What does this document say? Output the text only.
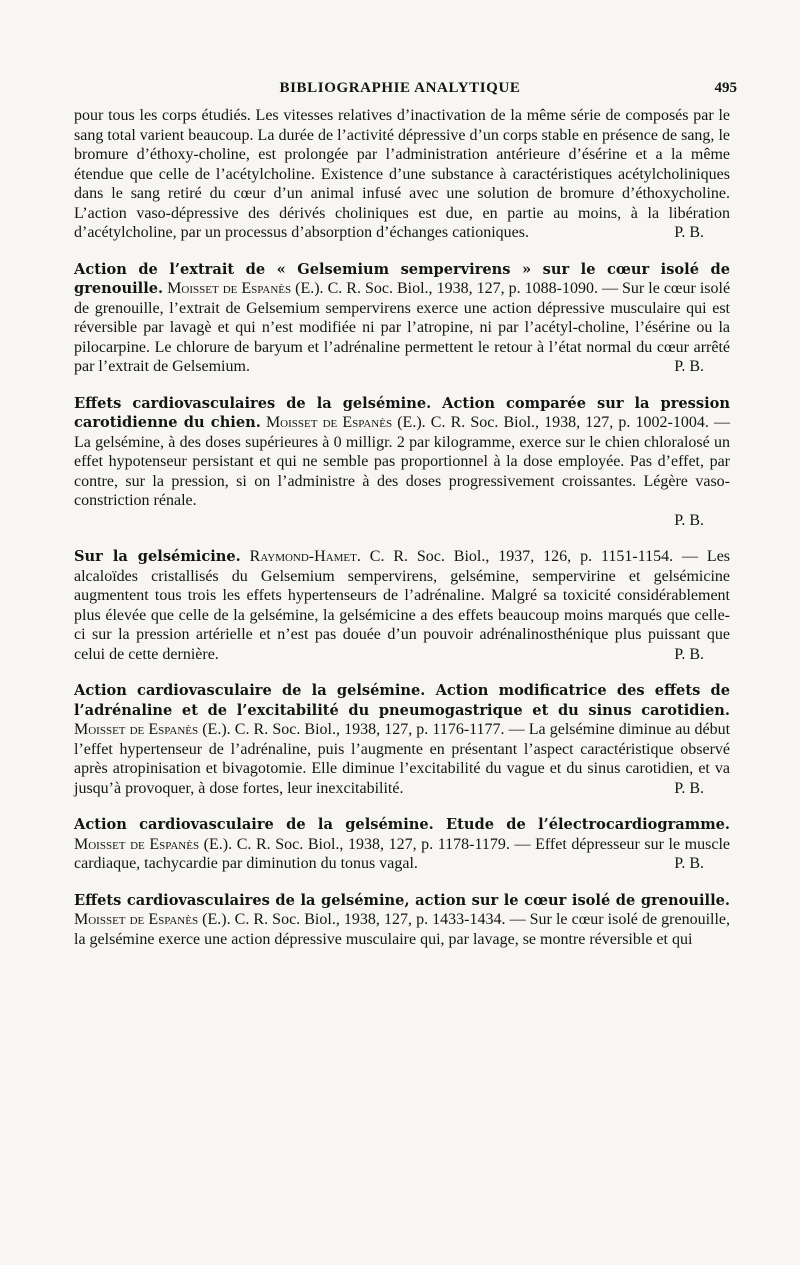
BIBLIOGRAPHIE ANALYTIQUE	495

pour tous les corps étudiés. Les vitesses relatives d’inactivation de la même série de composés par le sang total varient beaucoup. La durée de l’activité dépressive d’un corps stable en présence de sang, le bromure d’éthoxy-choline, est prolongée par l’administration antérieure d’ésérine et a la même étendue que celle de l’acétylcholine. Existence d’une substance à caractéristiques acétylcholiniques dans le sang retiré du cœur d’un animal infusé avec une solution de bromure d’éthoxycholine. L’action vaso-dépressive des dérivés choliniques est due, en partie au moins, à la libération d’acétylcholine, par un processus d’absorption d’échanges cationiques.	P. B.

Action de l’extrait de « Gelsemium sempervirens » sur le cœur isolé de grenouille. Moisset de Espanès (E.). C. R. Soc. Biol., 1938, 127, p. 1088-1090. — Sur le cœur isolé de grenouille, l’extrait de Gelsemium sempervirens exerce une action dépressive musculaire qui est réversible par lavagè et qui n’est modifiée ni par l’atropine, ni par l’acétyl-choline, l’ésérine ou la pilocarpine. Le chlorure de baryum et l’adrénaline permettent le retour à l’état normal du cœur arrêté par l’extrait de Gelsemium.	P. B.

Effets cardiovasculaires de la gelsémine. Action comparée sur la pression carotidienne du chien. Moisset de Espanès (E.). C. R. Soc. Biol., 1938, 127, p. 1002-1004. — La gelsémine, à des doses supérieures à 0 milligr. 2 par kilogramme, exerce sur le chien chloralosé un effet hypotenseur persistant et qui ne semble pas proportionnel à la dose employée. Pas d’effet, par contre, sur la pression, si on l’administre à des doses progressivement croissantes. Légère vaso-constriction rénale.

P. B.

Sur la gelsémicine. Raymond-Hamet. C. R. Soc. Biol., 1937, 126, p. 1151-1154. — Les alcaloïdes cristallisés du Gelsemium sempervirens, gelsémine, sempervirine et gelsémicine augmentent tous trois les effets hypertenseurs de l’adrénaline. Malgré sa toxicité considérablement plus élevée que celle de la gelsémine, la gelsémicine a des effets beaucoup moins marqués que celle-ci sur la pression artérielle et n’est pas douée d’un pouvoir adrénalinosthénique plus puissant que celui de cette dernière.	P. B.

Action cardiovasculaire de la gelsémine. Action modificatrice des effets de l’adrénaline et de l’excitabilité du pneumogastrique et du sinus carotidien. Moisset de Espanès (E.). C. R. Soc. Biol., 1938, 127, p. 1176-1177. — La gelsémine diminue au début l’effet hypertenseur de l’adrénaline, puis l’augmente en présentant l’aspect caractéristique observé après atropinisation et bivagotomie. Elle diminue l’excitabilité du vague et du sinus carotidien, et va jusqu’à provoquer, à dose fortes, leur inexcitabilité.	P. B.

Action cardiovasculaire de la gelsémine. Etude de l’électrocardiogramme. Moisset de Espanès (E.). C. R. Soc. Biol., 1938, 127, p. 1178-1179. — Effet dépresseur sur le muscle cardiaque, tachycardie par diminution du tonus vagal.	P. B.

Effets cardiovasculaires de la gelsémine, action sur le cœur isolé de grenouille. Moisset de Espanès (E.). C. R. Soc. Biol., 1938, 127, p. 1433-1434. — Sur le cœur isolé de grenouille, la gelsémine exerce une action dépressive musculaire qui, par lavage, se montre réversible et qui
